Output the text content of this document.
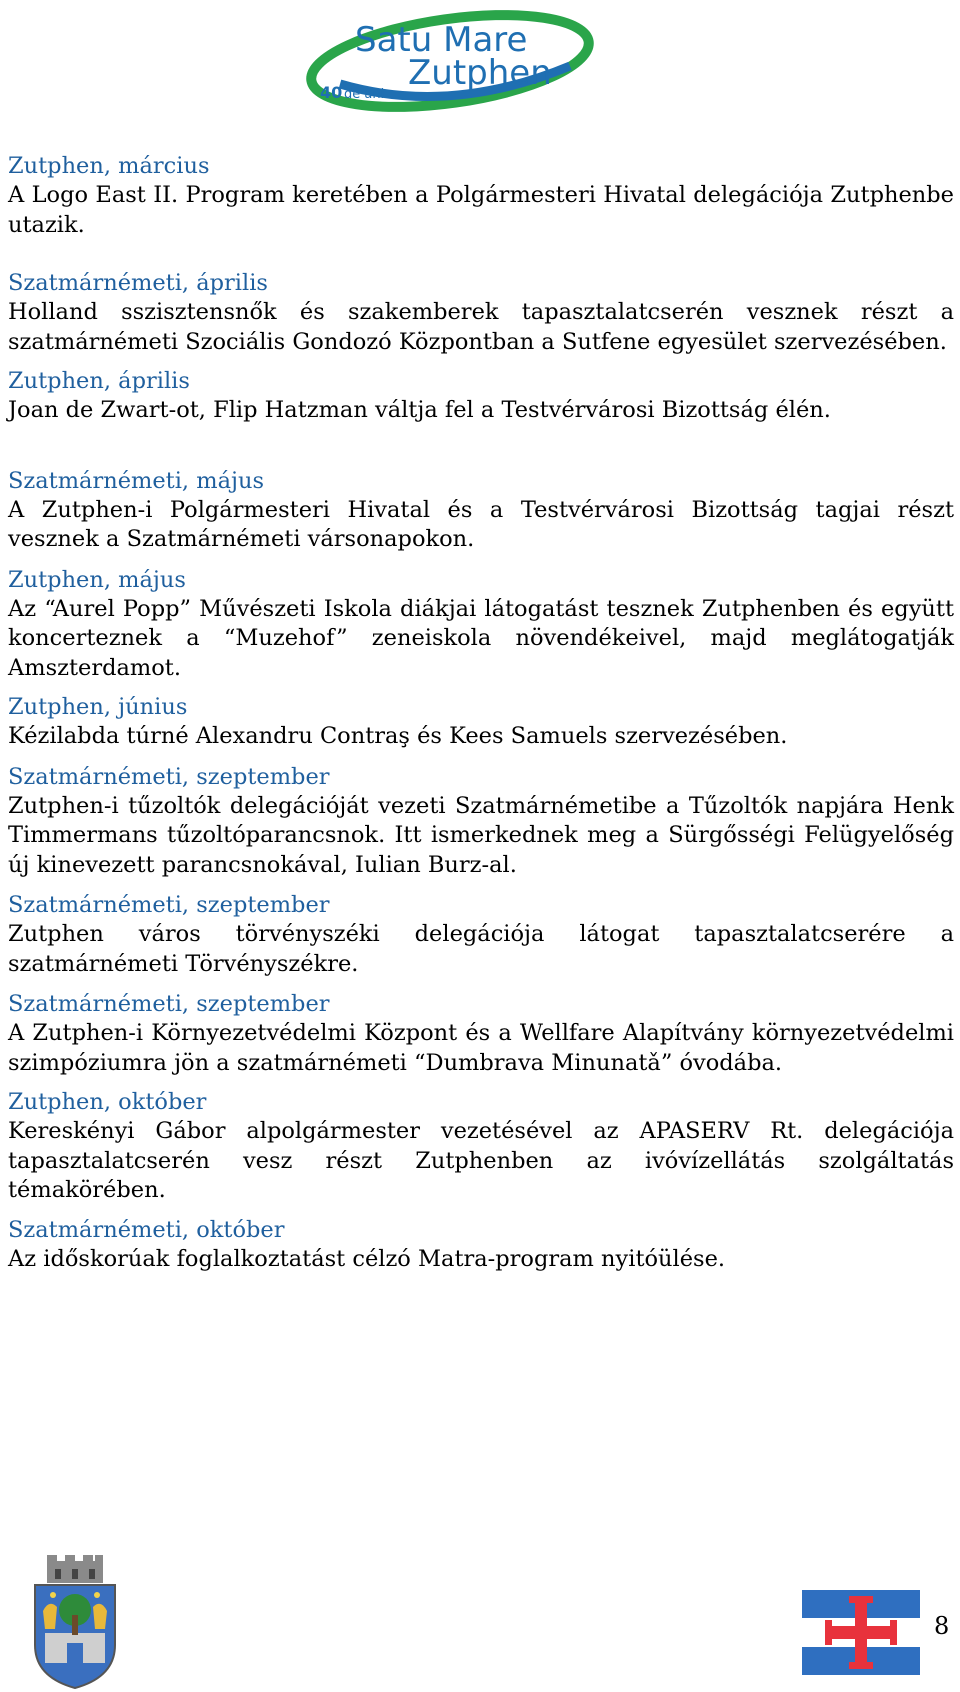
Satu Mare
Zutphen
40 de ani

Zutphen, március

A Logo East II. Program keretében a Polgármesteri Hivatal delegációja Zutphenbe utazik.

Szatmárnémeti, április

Holland sszisztensnők és szakemberek tapasztalatcserén vesznek részt a szatmárnémeti Szociális Gondozó Központban a Sutfene egyesület szervezésében.

Zutphen, április

Joan de Zwart-ot, Flip Hatzman váltja fel a Testvérvárosi Bizottság élén.

Szatmárnémeti, május

A Zutphen-i Polgármesteri Hivatal és a Testvérvárosi Bizottság tagjai részt vesznek a Szatmárnémeti vársonapokon.

Zutphen, május

Az “Aurel Popp” Művészeti Iskola diákjai látogatást tesznek Zutphenben és együtt koncerteznek a “Muzehof” zeneiskola növendékeivel, majd meglátogatják Amszterdamot.

Zutphen, június

Kézilabda túrné Alexandru Contraş és Kees Samuels szervezésében.

Szatmárnémeti, szeptember

Zutphen-i tűzoltók delegációját vezeti Szatmárnémetibe a Tűzoltók napjára Henk Timmermans tűzoltóparancsnok. Itt ismerkednek meg a Sürgősségi Felügyelőség új kinevezett parancsnokával, Iulian Burz-al.

Szatmárnémeti, szeptember

Zutphen város törvényszéki delegációja látogat tapasztalatcserére a szatmárnémeti Törvényszékre.

Szatmárnémeti, szeptember

A Zutphen-i Környezetvédelmi Központ és a Wellfare Alapítvány környezetvédelmi szimpóziumra jön a szatmárnémeti “Dumbrava Minunatǎ” óvodába.

Zutphen, október

Kereskényi Gábor alpolgármester vezetésével az APASERV Rt. delegációja tapasztalatcserén vesz részt Zutphenben az ivóvízellátás szolgáltatás témakörében.

Szatmárnémeti, október

Az időskorúak foglalkoztatást célzó Matra-program nyitóülése.

8
